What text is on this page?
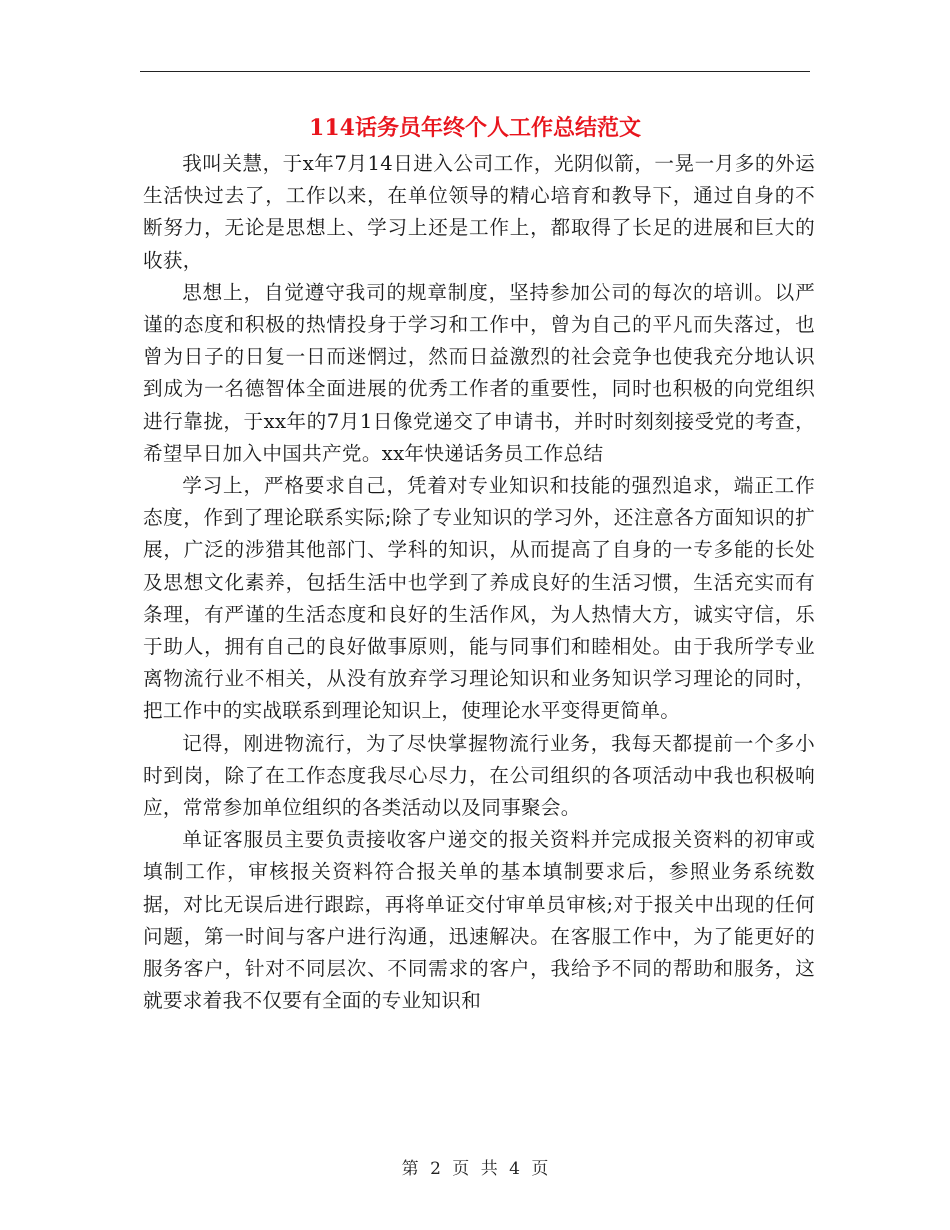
114话务员年终个人工作总结范文

我叫关慧，于x年7月14日进入公司工作，光阴似箭，一晃一月多的外运生活快过去了，工作以来，在单位领导的精心培育和教导下，通过自身的不断努力，无论是思想上、学习上还是工作上，都取得了长足的进展和巨大的收获，

思想上，自觉遵守我司的规章制度，坚持参加公司的每次的培训。以严谨的态度和积极的热情投身于学习和工作中，曾为自己的平凡而失落过，也曾为日子的日复一日而迷惘过，然而日益激烈的社会竞争也使我充分地认识到成为一名德智体全面进展的优秀工作者的重要性，同时也积极的向党组织进行靠拢，于xx年的7月1日像党递交了申请书，并时时刻刻接受党的考查，希望早日加入中国共产党。xx年快递话务员工作总结

学习上，严格要求自己，凭着对专业知识和技能的强烈追求，端正工作态度，作到了理论联系实际;除了专业知识的学习外，还注意各方面知识的扩展，广泛的涉猎其他部门、学科的知识，从而提高了自身的一专多能的长处及思想文化素养，包括生活中也学到了养成良好的生活习惯，生活充实而有条理，有严谨的生活态度和良好的生活作风，为人热情大方，诚实守信，乐于助人，拥有自己的良好做事原则，能与同事们和睦相处。由于我所学专业离物流行业不相关，从没有放弃学习理论知识和业务知识学习理论的同时，把工作中的实战联系到理论知识上，使理论水平变得更简单。

记得，刚进物流行，为了尽快掌握物流行业务，我每天都提前一个多小时到岗，除了在工作态度我尽心尽力，在公司组织的各项活动中我也积极响应，常常参加单位组织的各类活动以及同事聚会。

单证客服员主要负责接收客户递交的报关资料并完成报关资料的初审或填制工作，审核报关资料符合报关单的基本填制要求后，参照业务系统数据，对比无误后进行跟踪，再将单证交付审单员审核;对于报关中出现的任何问题，第一时间与客户进行沟通，迅速解决。在客服工作中，为了能更好的服务客户，针对不同层次、不同需求的客户，我给予不同的帮助和服务，这就要求着我不仅要有全面的专业知识和

第 2 页 共 4 页
